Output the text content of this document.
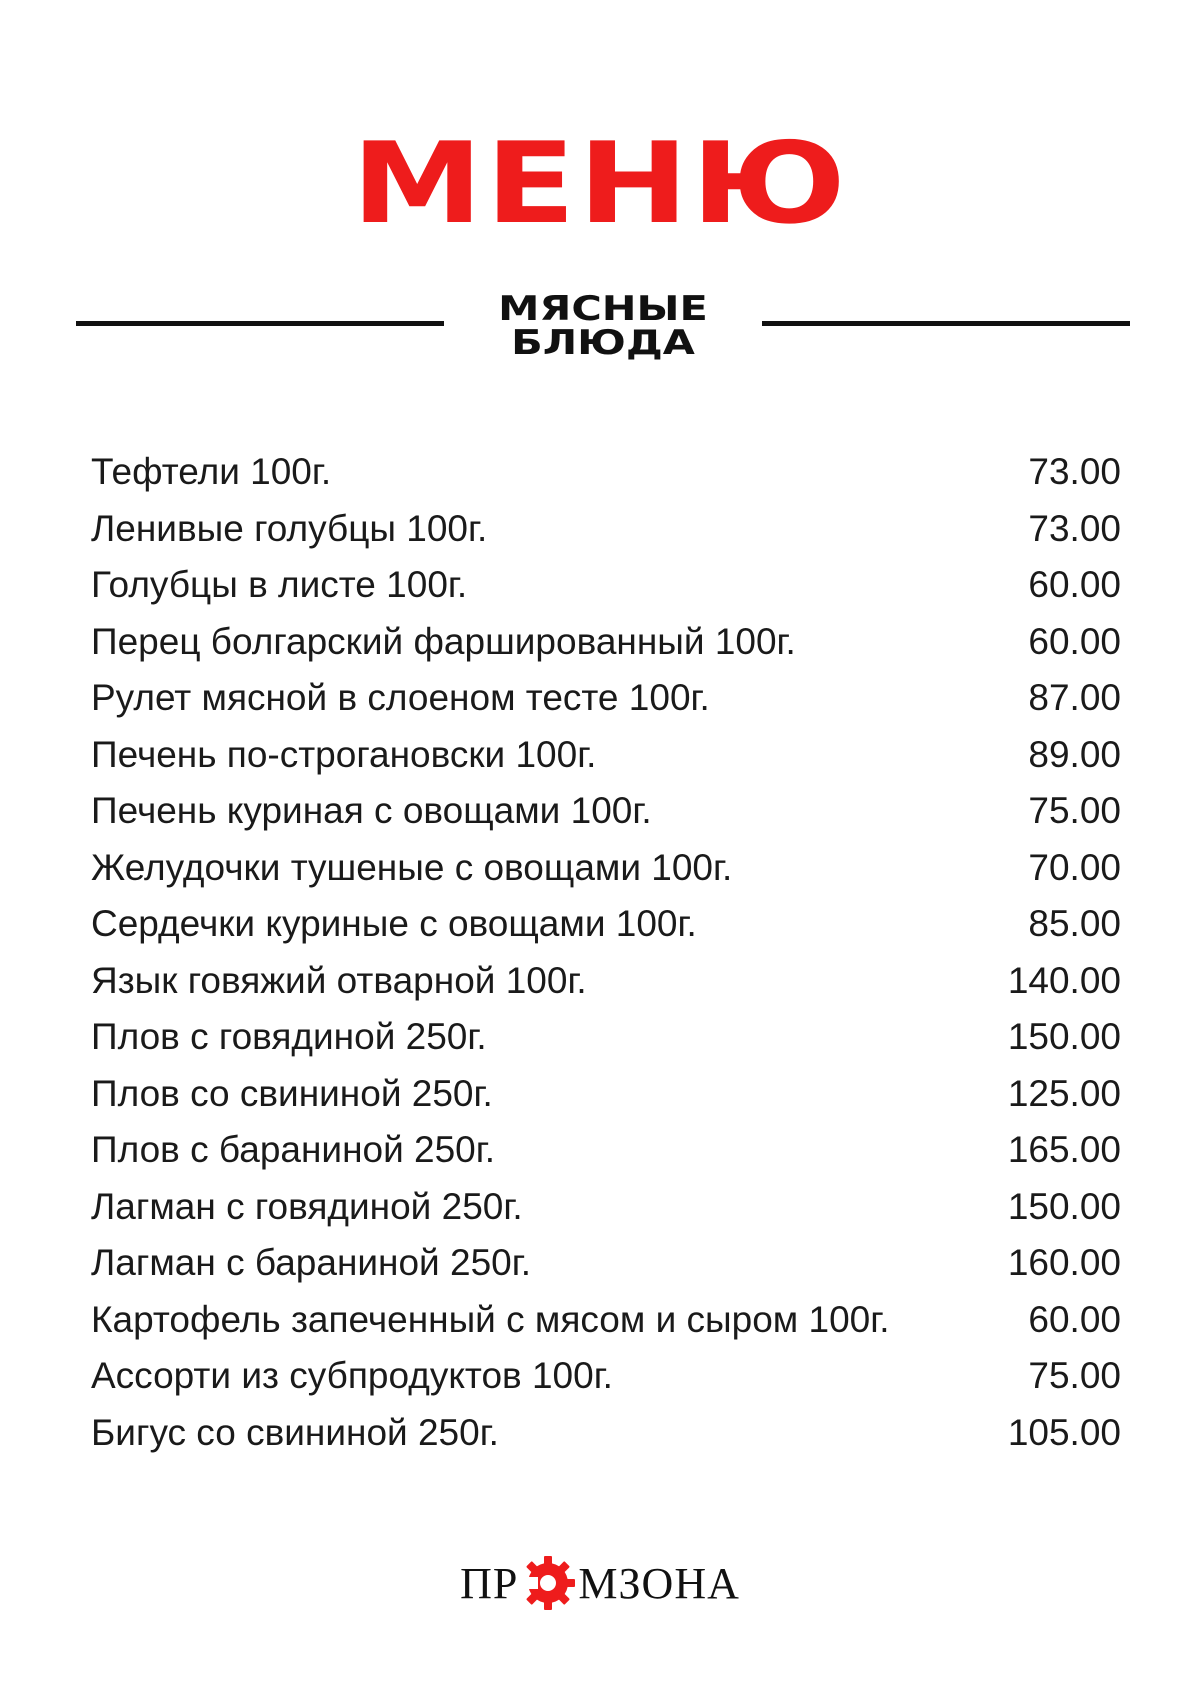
МЕНЮ
МЯСНЫЕ
БЛЮДА
Тефтели 100г.	73.00
Ленивые голубцы 100г.	73.00
Голубцы в листе 100г.	60.00
Перец болгарский фаршированный 100г.	60.00
Рулет мясной в слоеном тесте 100г.	87.00
Печень по-строгановски 100г.	89.00
Печень куриная с овощами 100г.	75.00
Желудочки тушеные с овощами 100г.	70.00
Сердечки куриные с овощами 100г.	85.00
Язык говяжий отварной 100г.	140.00
Плов с говядиной 250г.	150.00
Плов со свининой 250г.	125.00
Плов с бараниной 250г.	165.00
Лагман с говядиной 250г.	150.00
Лагман с бараниной 250г.	160.00
Картофель запеченный с мясом и сыром 100г.	60.00
Ассорти из субпродуктов 100г.	75.00
Бигус со свининой 250г.	105.00
ПР МЗОНА
